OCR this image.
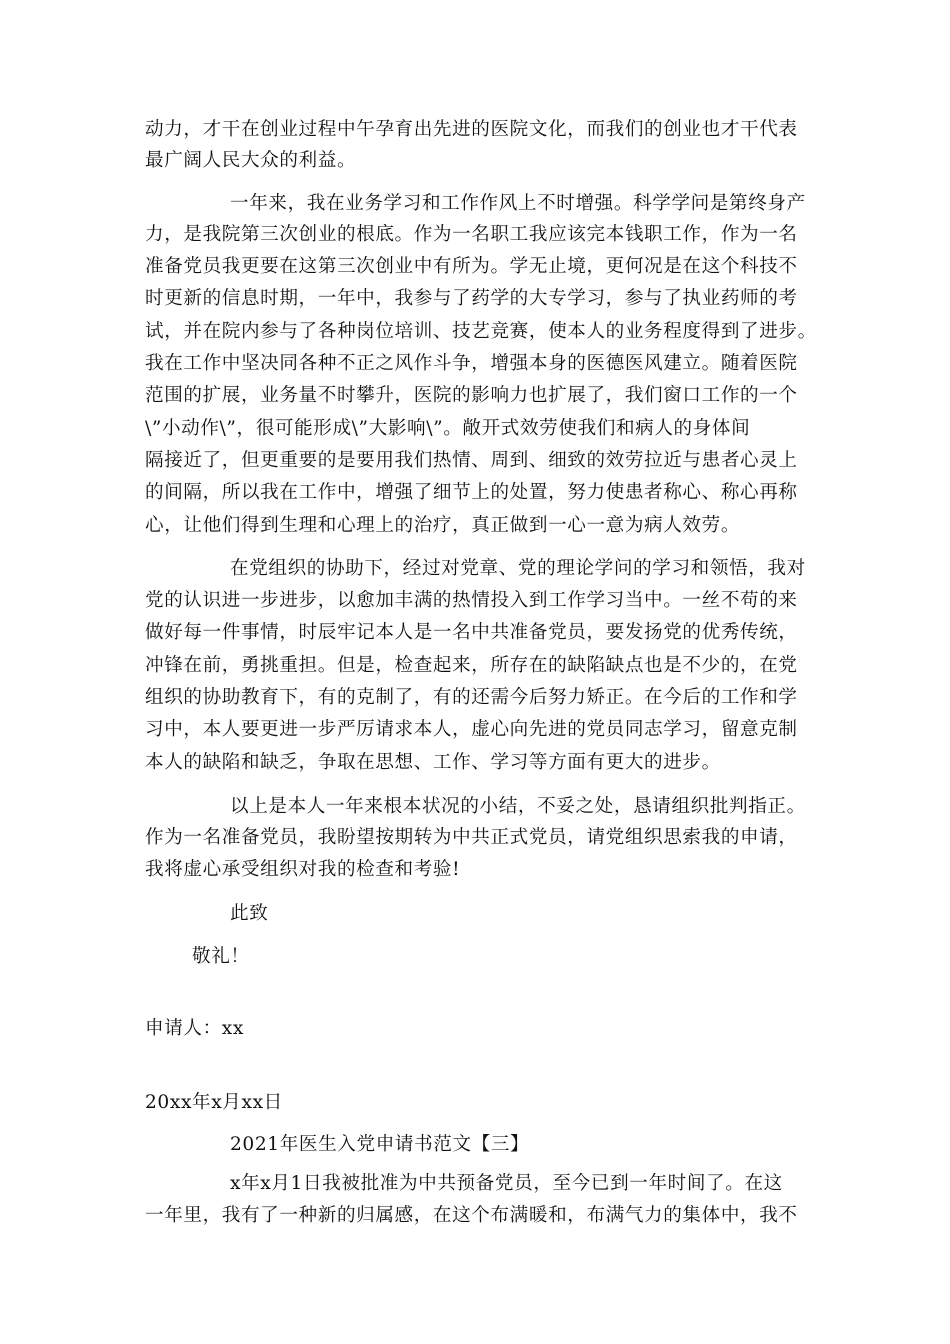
动力，才干在创业过程中午孕育出先进的医院文化，而我们的创业也才干代表
最广阔人民大众的利益。
一年来，我在业务学习和工作作风上不时增强。科学学问是第终身产
力，是我院第三次创业的根底。作为一名职工我应该完本钱职工作，作为一名
准备党员我更要在这第三次创业中有所为。学无止境，更何况是在这个科技不
时更新的信息时期，一年中，我参与了药学的大专学习，参与了执业药师的考
试，并在院内参与了各种岗位培训、技艺竞赛，使本人的业务程度得到了进步。
我在工作中坚决同各种不正之风作斗争，增强本身的医德医风建立。随着医院
范围的扩展，业务量不时攀升，医院的影响力也扩展了，我们窗口工作的一个
\”小动作\”，很可能形成\”大影响\”。敞开式效劳使我们和病人的身体间
隔接近了，但更重要的是要用我们热情、周到、细致的效劳拉近与患者心灵上
的间隔，所以我在工作中，增强了细节上的处置，努力使患者称心、称心再称
心，让他们得到生理和心理上的治疗，真正做到一心一意为病人效劳。
在党组织的协助下，经过对党章、党的理论学问的学习和领悟，我对
党的认识进一步进步，以愈加丰满的热情投入到工作学习当中。一丝不苟的来
做好每一件事情，时辰牢记本人是一名中共准备党员，要发扬党的优秀传统，
冲锋在前，勇挑重担。但是，检查起来，所存在的缺陷缺点也是不少的，在党
组织的协助教育下，有的克制了，有的还需今后努力矫正。在今后的工作和学
习中，本人要更进一步严厉请求本人，虚心向先进的党员同志学习，留意克制
本人的缺陷和缺乏，争取在思想、工作、学习等方面有更大的进步。
以上是本人一年来根本状况的小结，不妥之处，恳请组织批判指正。
作为一名准备党员，我盼望按期转为中共正式党员，请党组织思索我的申请，
我将虚心承受组织对我的检查和考验!
此致
敬礼！
申请人：xx
20xx年x月xx日
2021年医生入党申请书范文【三】
x年x月1日我被批准为中共预备党员，至今已到一年时间了。在这
一年里，我有了一种新的归属感，在这个布满暖和，布满气力的集体中，我不
